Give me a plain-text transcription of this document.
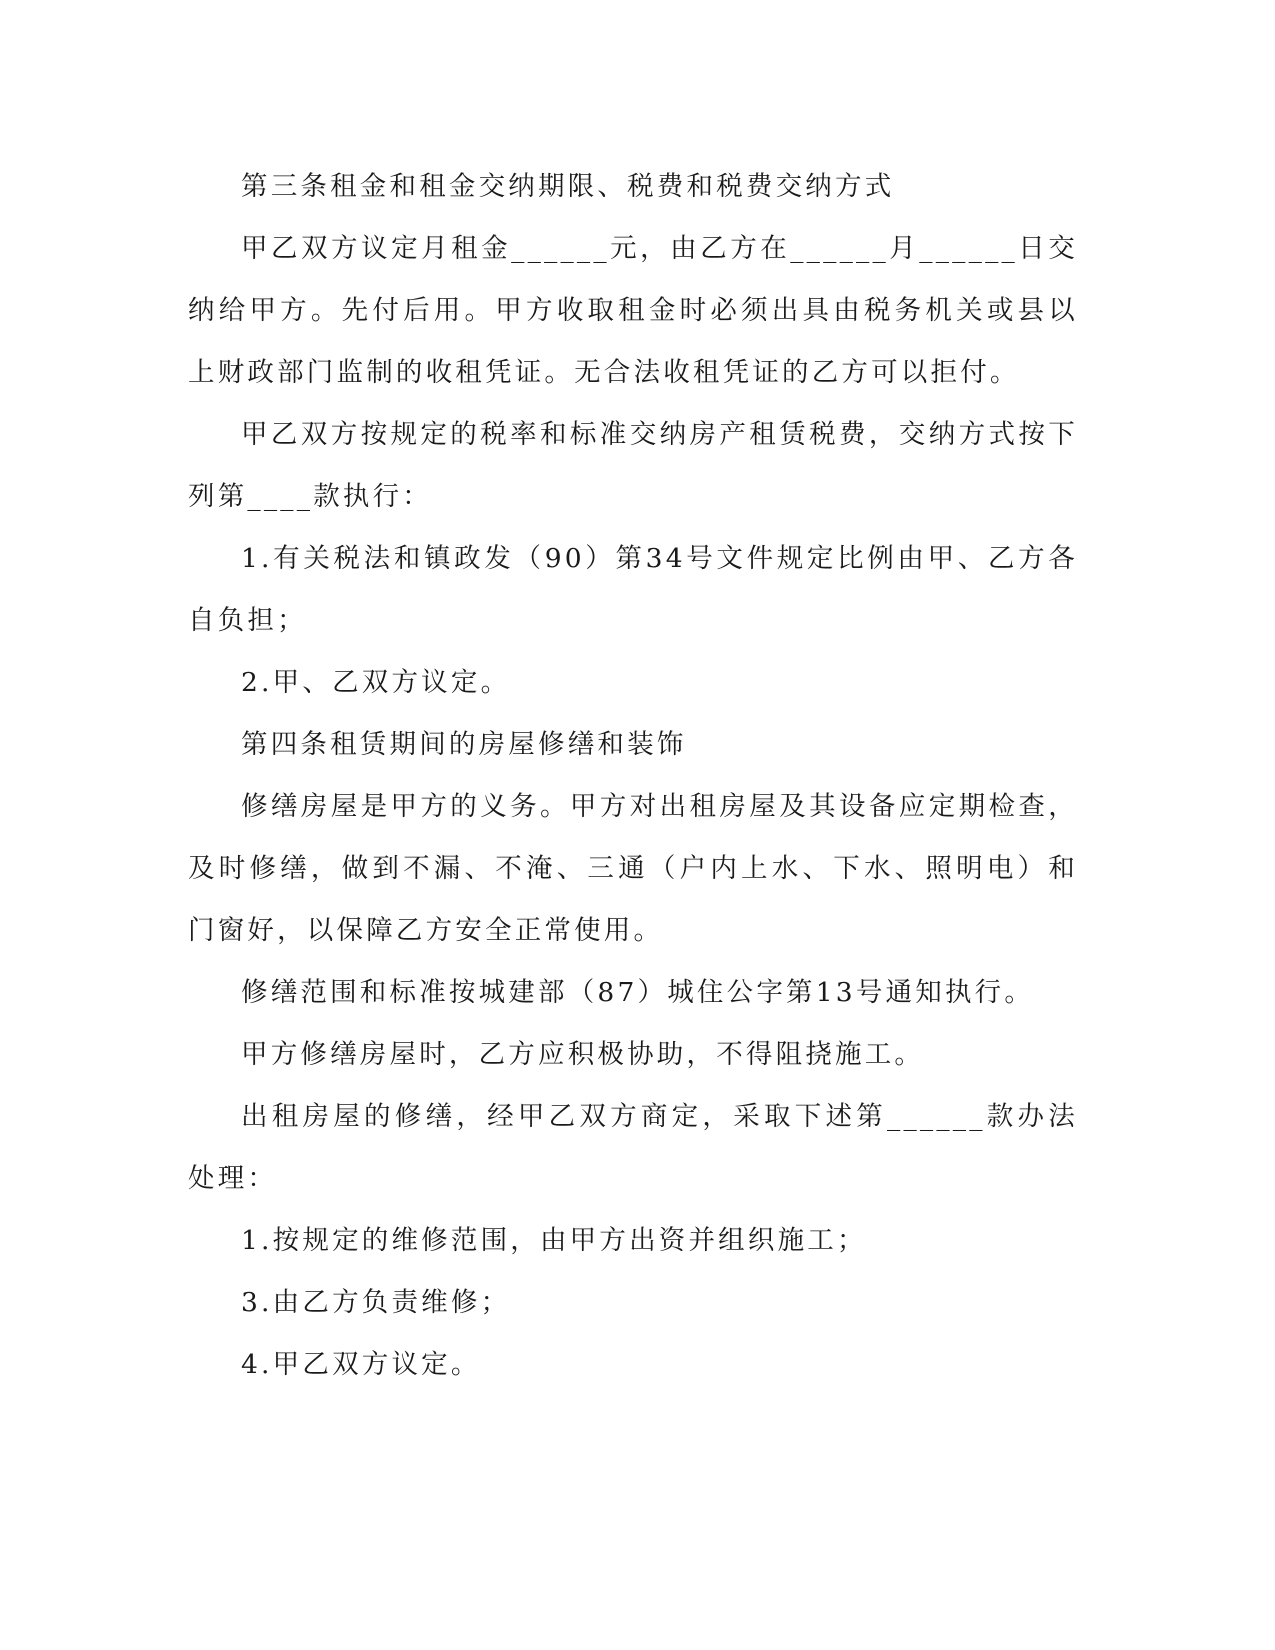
第三条租金和租金交纳期限、税费和税费交纳方式

甲乙双方议定月租金______元，由乙方在______月______日交纳给甲方。先付后用。甲方收取租金时必须出具由税务机关或县以上财政部门监制的收租凭证。无合法收租凭证的乙方可以拒付。

甲乙双方按规定的税率和标准交纳房产租赁税费，交纳方式按下列第____款执行：

1.有关税法和镇政发（90）第34号文件规定比例由甲、乙方各自负担；

2.甲、乙双方议定。

第四条租赁期间的房屋修缮和装饰

修缮房屋是甲方的义务。甲方对出租房屋及其设备应定期检查，及时修缮，做到不漏、不淹、三通（户内上水、下水、照明电）和门窗好，以保障乙方安全正常使用。

修缮范围和标准按城建部（87）城住公字第13号通知执行。

甲方修缮房屋时，乙方应积极协助，不得阻挠施工。

出租房屋的修缮，经甲乙双方商定，采取下述第______款办法处理：

1.按规定的维修范围，由甲方出资并组织施工；

3.由乙方负责维修；

4.甲乙双方议定。
